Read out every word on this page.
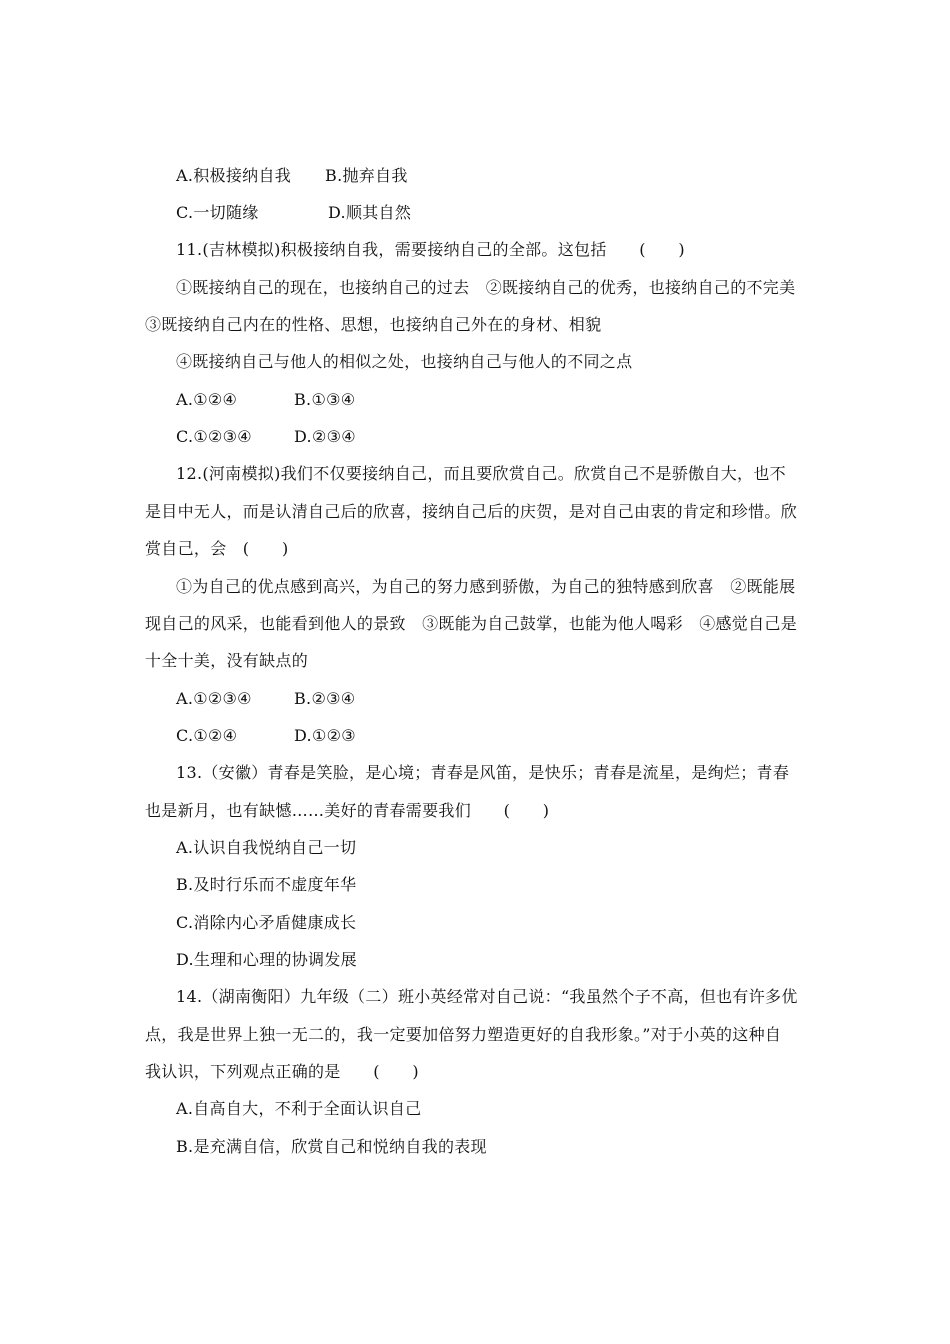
A.积极接纳自我 B.抛弃自我
C.一切随缘	D.顺其自然
11.(吉林模拟)积极接纳自我，需要接纳自己的全部。这包括　　(　　)
①既接纳自己的现在，也接纳自己的过去　②既接纳自己的优秀，也接纳自己的不完美
③既接纳自己内在的性格、思想，也接纳自己外在的身材、相貌
④既接纳自己与他人的相似之处，也接纳自己与他人的不同之点
A.①②④	B.①③④
C.①②③④	D.②③④
12.(河南模拟)我们不仅要接纳自己，而且要欣赏自己。欣赏自己不是骄傲自大，也不
是目中无人，而是认清自己后的欣喜，接纳自己后的庆贺，是对自己由衷的肯定和珍惜。欣
赏自己，会　(　　)
①为自己的优点感到高兴，为自己的努力感到骄傲，为自己的独特感到欣喜　②既能展
现自己的风采，也能看到他人的景致　③既能为自己鼓掌，也能为他人喝彩　④感觉自己是
十全十美，没有缺点的
A.①②③④	B.②③④
C.①②④	D.①②③
13.（安徽）青春是笑脸，是心境；青春是风笛，是快乐；青春是流星，是绚烂；青春
也是新月，也有缺憾……美好的青春需要我们　　(　　)
A.认识自我悦纳自己一切
B.及时行乐而不虚度年华
C.消除内心矛盾健康成长
D.生理和心理的协调发展
14.（湖南衡阳）九年级（二）班小英经常对自己说：“我虽然个子不高，但也有许多优
点，我是世界上独一无二的，我一定要加倍努力塑造更好的自我形象。”对于小英的这种自
我认识，下列观点正确的是　　(　　)
A.自高自大，不利于全面认识自己
B.是充满自信，欣赏自己和悦纳自我的表现
